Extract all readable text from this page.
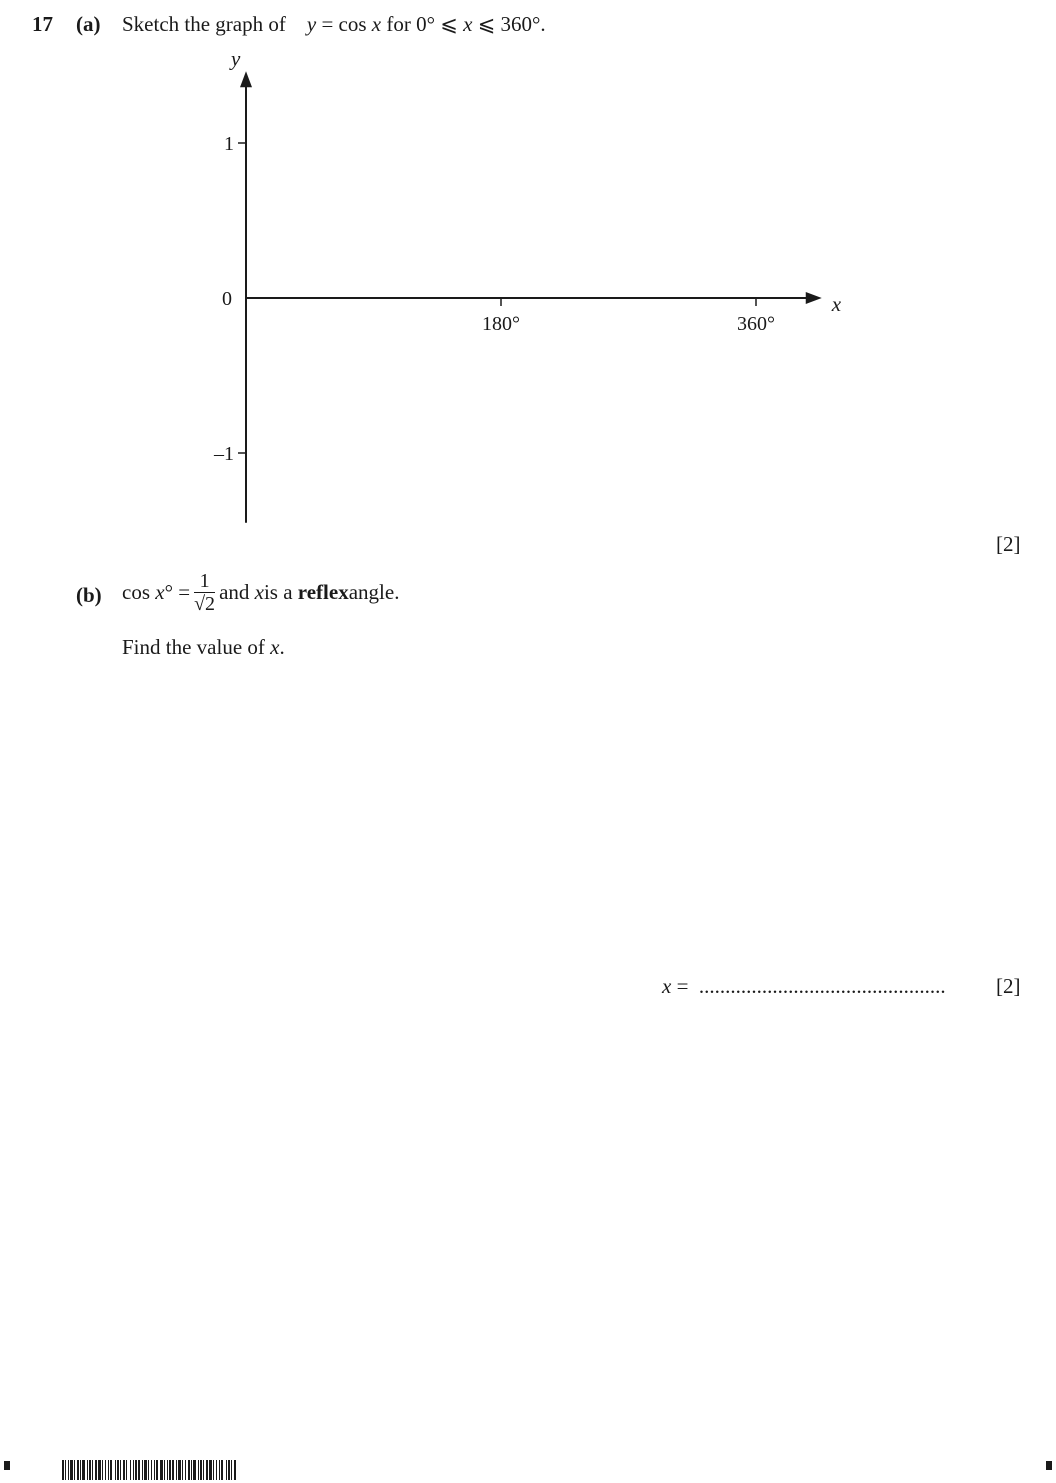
17 (a) Sketch the graph of y = cos x for 0° ⩽ x ⩽ 360°.
y
x
0
1
–1
180°	360°
[2]
(b) cos
x ° = $\frac{1}{√2}$ and
x is a
reflex angle.
Find the value of x.
x =  ............................................... [2]
